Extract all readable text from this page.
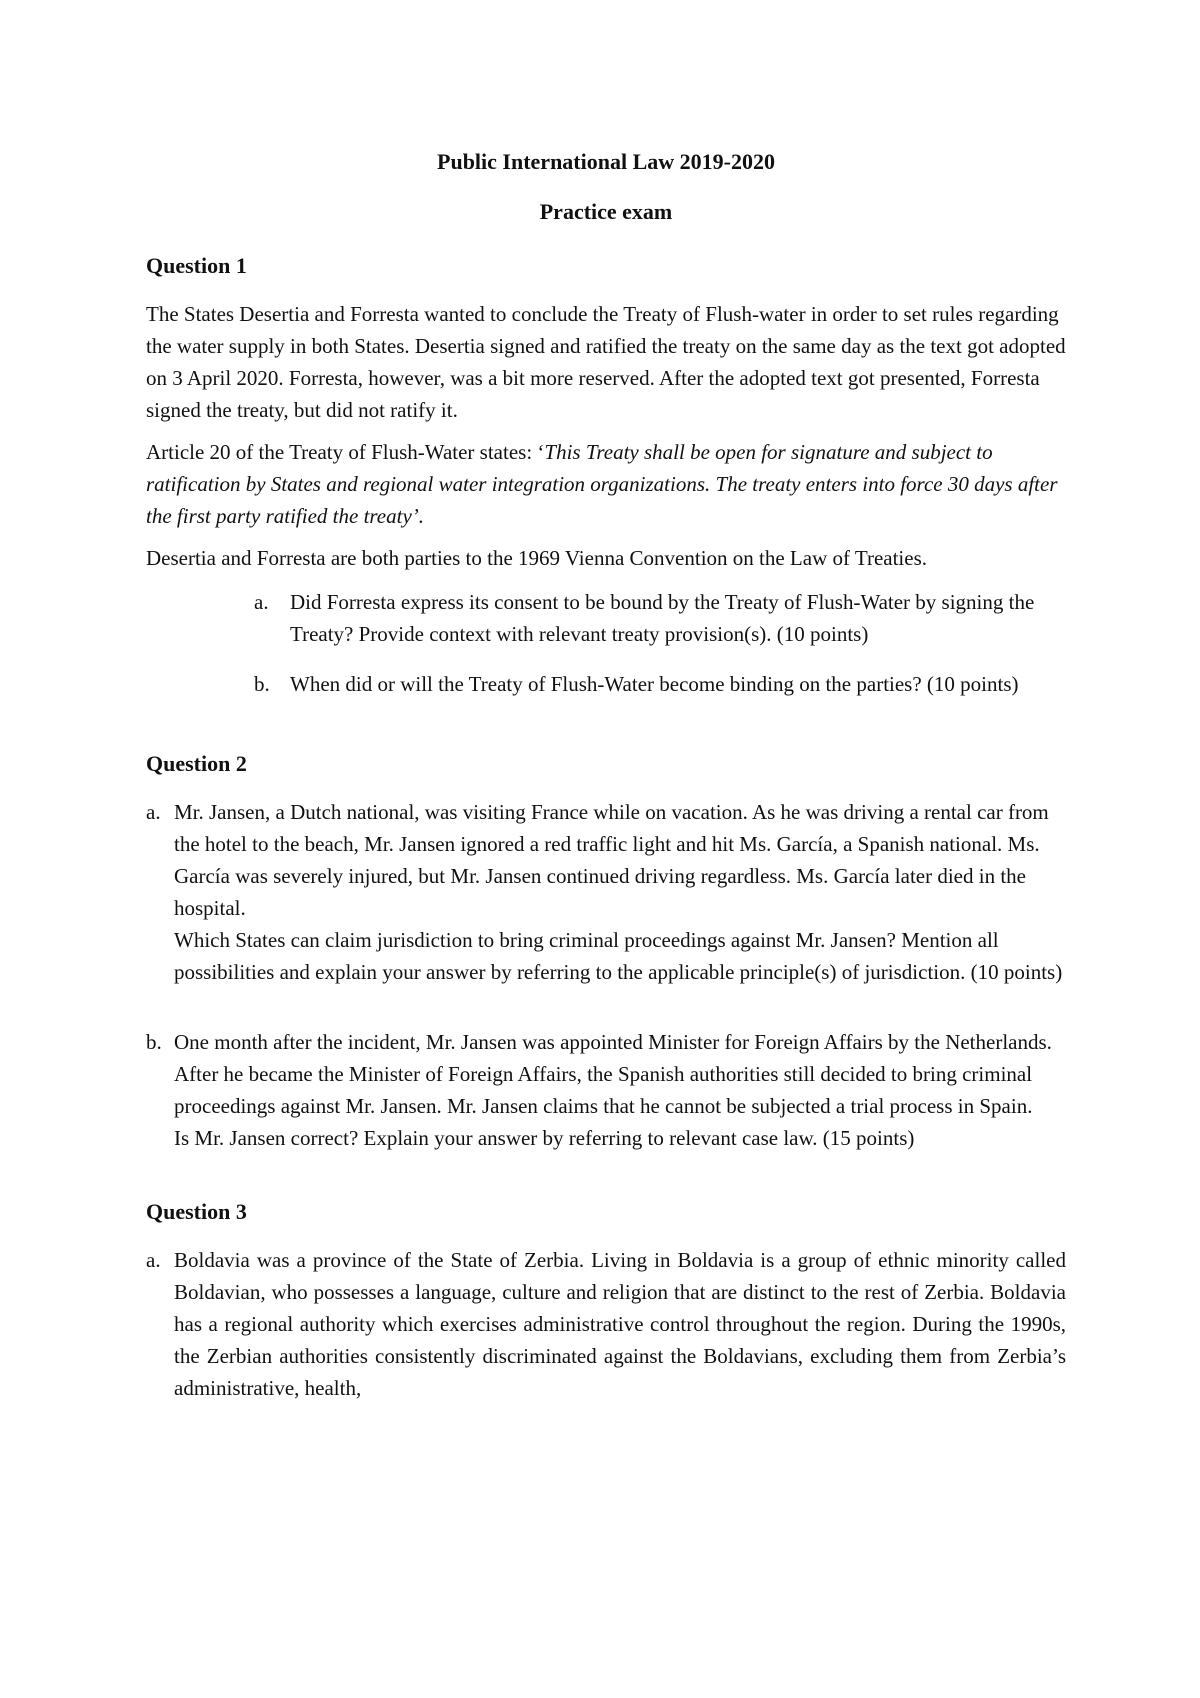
Public International Law 2019-2020
Practice exam
Question 1

The States Desertia and Forresta wanted to conclude the Treaty of Flush-water in order to set rules regarding the water supply in both States. Desertia signed and ratified the treaty on the same day as the text got adopted on 3 April 2020. Forresta, however, was a bit more reserved. After the adopted text got presented, Forresta signed the treaty, but did not ratify it.

Article 20 of the Treaty of Flush-Water states: ‘This Treaty shall be open for signature and subject to ratification by States and regional water integration organizations. The treaty enters into force 30 days after the first party ratified the treaty’.

Desertia and Forresta are both parties to the 1969 Vienna Convention on the Law of Treaties.

a. Did Forresta express its consent to be bound by the Treaty of Flush-Water by signing the Treaty? Provide context with relevant treaty provision(s). (10 points)
b. When did or will the Treaty of Flush-Water become binding on the parties? (10 points)
Question 2
a. Mr. Jansen, a Dutch national, was visiting France while on vacation. As he was driving a rental car from the hotel to the beach, Mr. Jansen ignored a red traffic light and hit Ms. García, a Spanish national. Ms. García was severely injured, but Mr. Jansen continued driving regardless. Ms. García later died in the hospital.
Which States can claim jurisdiction to bring criminal proceedings against Mr. Jansen? Mention all possibilities and explain your answer by referring to the applicable principle(s) of jurisdiction. (10 points)
b. One month after the incident, Mr. Jansen was appointed Minister for Foreign Affairs by the Netherlands. After he became the Minister of Foreign Affairs, the Spanish authorities still decided to bring criminal proceedings against Mr. Jansen. Mr. Jansen claims that he cannot be subjected a trial process in Spain.
Is Mr. Jansen correct? Explain your answer by referring to relevant case law. (15 points)
Question 3
a. Boldavia was a province of the State of Zerbia. Living in Boldavia is a group of ethnic minority called Boldavian, who possesses a language, culture and religion that are distinct to the rest of Zerbia. Boldavia has a regional authority which exercises administrative control throughout the region. During the 1990s, the Zerbian authorities consistently discriminated against the Boldavians, excluding them from Zerbia’s administrative, health,
